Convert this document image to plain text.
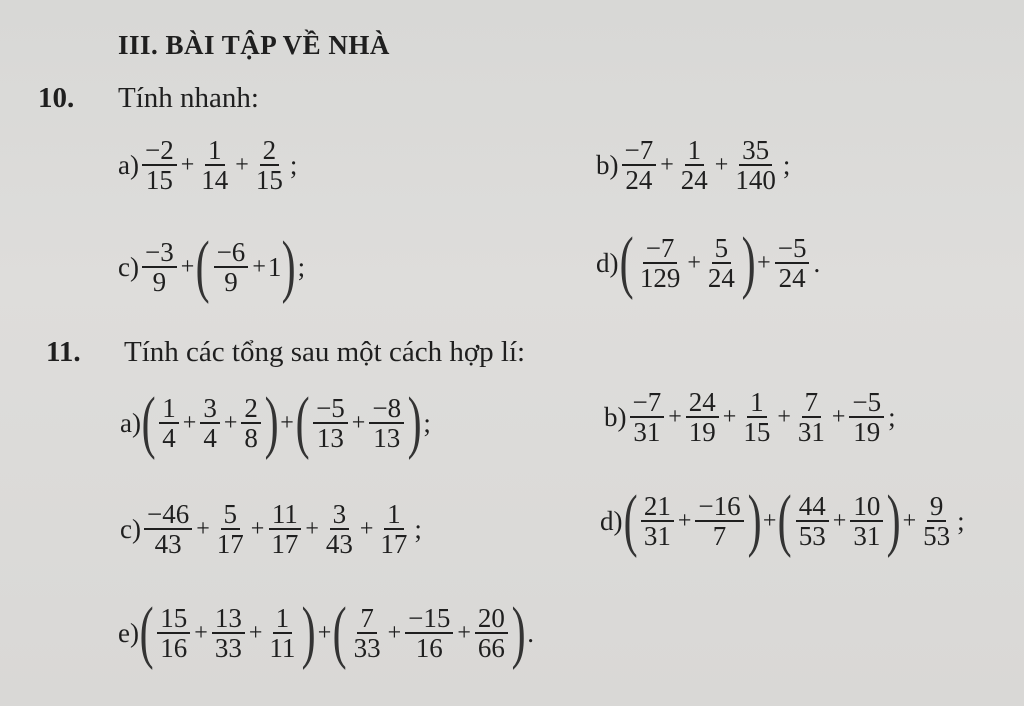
III. BÀI TẬP VỀ NHÀ
10. Tính nhanh:
$a) \frac{-2}{15} + \frac{1}{14} + \frac{2}{15}$ ;	$b) \frac{-7}{24} + \frac{1}{24} + \frac{35}{140}$ ;
$c) \frac{-3}{9}$ + ( $\frac{-6}{9} + 1$ ) ;	d) ( $\frac{-7}{129} + \frac{5}{24}$ ) + $\frac{-5}{24}$ .
11. Tính các tổng sau một cách hợp lí:
a) ( $\frac{1}{4} + \frac{3}{4} + \frac{2}{8}$ ) + ( $\frac{-5}{13} + \frac{-8}{13}$ ) ;	$b) \frac{-7}{31} + \frac{24}{19} + \frac{1}{15} + \frac{7}{31} + \frac{-5}{19}$ ;
$c) \frac{-46}{43} + \frac{5}{17} + \frac{11}{17} + \frac{3}{43} + \frac{1}{17}$ ;	d) ( $\frac{21}{31} + \frac{-16}{7}$ ) + ( $\frac{44}{53} + \frac{10}{31}$ ) + $\frac{9}{53}$ ;
e) ( $\frac{15}{16} + \frac{13}{33} + \frac{1}{11}$ ) + ( $\frac{7}{33} + \frac{-15}{16} + \frac{20}{66}$ ) .
